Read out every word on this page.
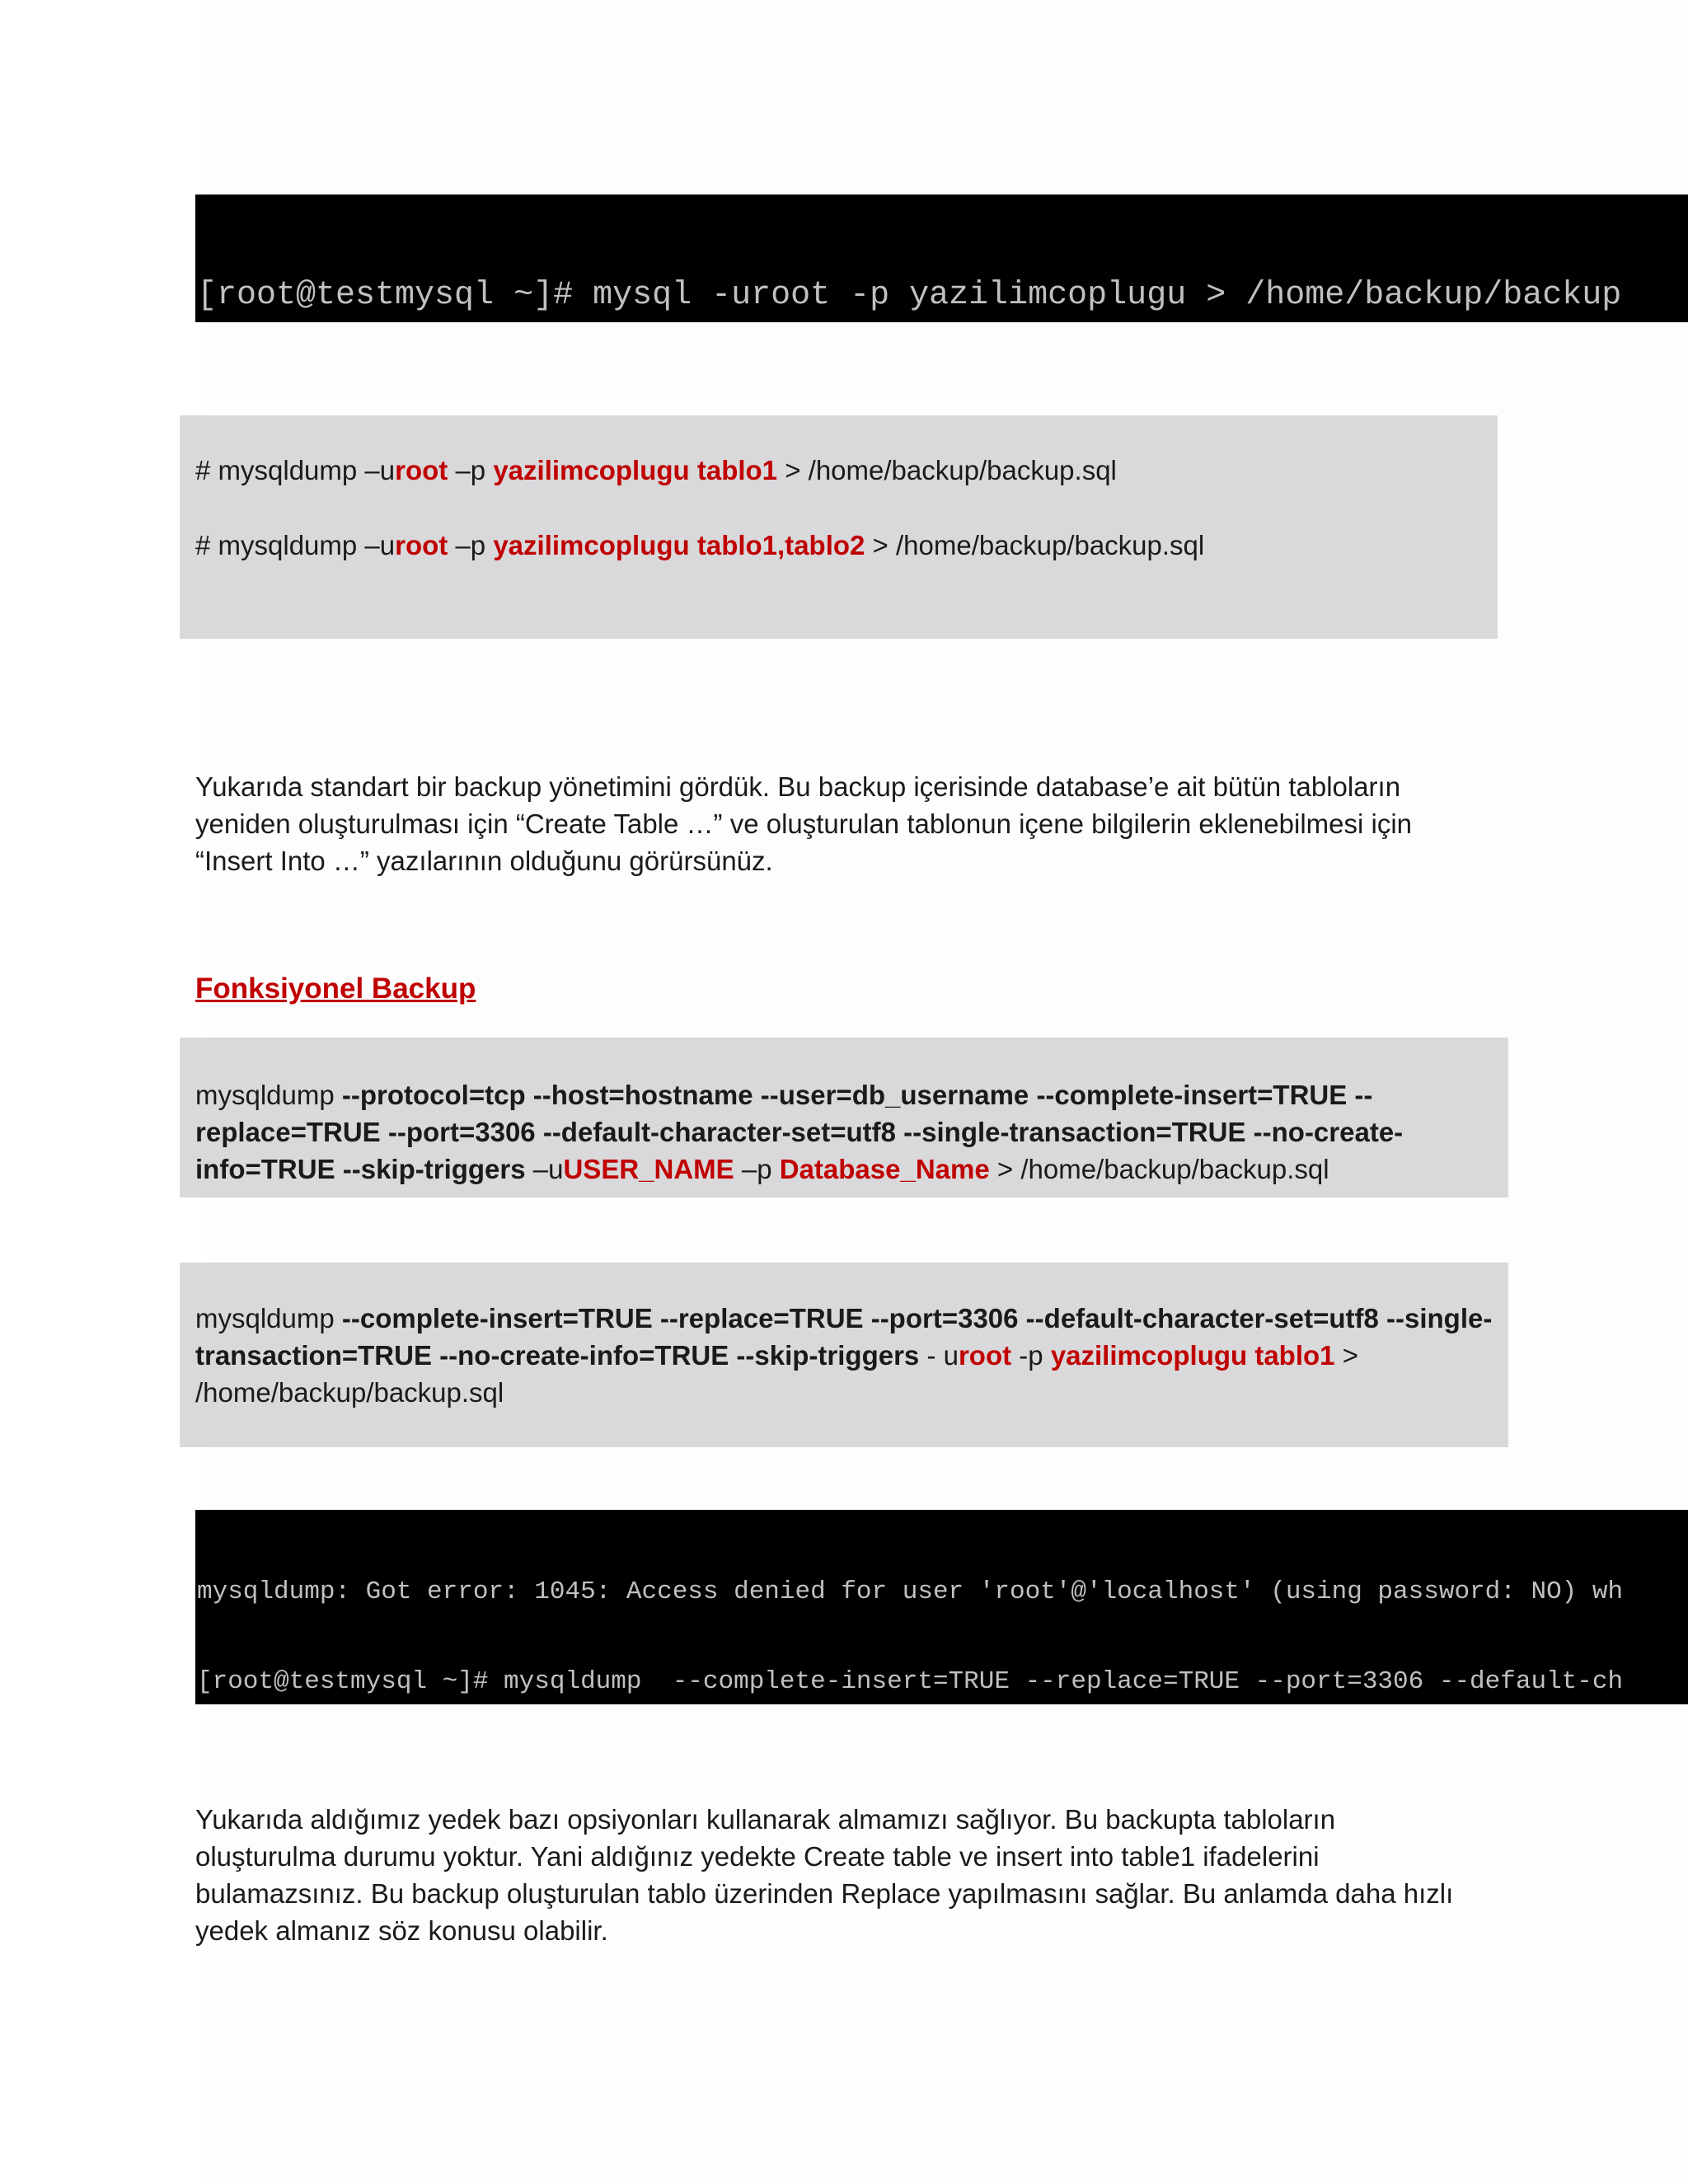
[root@testmysql ~]# mysql -uroot -p yazilimcoplugu > /home/backup/backup

# mysqldump –uroot –p yazilimcoplugu tablo1 > /home/backup/backup.sql
# mysqldump –uroot –p yazilimcoplugu tablo1,tablo2 > /home/backup/backup.sql
Yukarıda standart bir backup yönetimini gördük. Bu backup içerisinde database’e ait bütün tabloların
yeniden oluşturulması için “Create Table …” ve oluşturulan tablonun içene bilgilerin eklenebilmesi için
“Insert Into …” yazılarının olduğunu görürsünüz.
Fonksiyonel Backup
mysqldump --protocol=tcp --host=hostname --user=db_username --complete-insert=TRUE --
replace=TRUE --port=3306 --default-character-set=utf8 --single-transaction=TRUE --no-create-
info=TRUE --skip-triggers –uUSER_NAME –p Database_Name > /home/backup/backup.sql
mysqldump --complete-insert=TRUE --replace=TRUE --port=3306 --default-character-set=utf8 --single-
transaction=TRUE --no-create-info=TRUE --skip-triggers - uroot -p yazilimcoplugu tablo1 >
/home/backup/backup.sql

mysqldump: Got error: 1045: Access denied for user 'root'@'localhost' (using password: NO) wh

[root@testmysql ~]# mysqldump  --complete-insert=TRUE --replace=TRUE --port=3306 --default-ch

Yukarıda aldığımız yedek bazı opsiyonları kullanarak almamızı sağlıyor. Bu backupta tabloların
oluşturulma durumu yoktur. Yani aldığınız yedekte Create table ve insert into table1 ifadelerini
bulamazsınız. Bu backup oluşturulan tablo üzerinden Replace yapılmasını sağlar. Bu anlamda daha hızlı
yedek almanız söz konusu olabilir.
